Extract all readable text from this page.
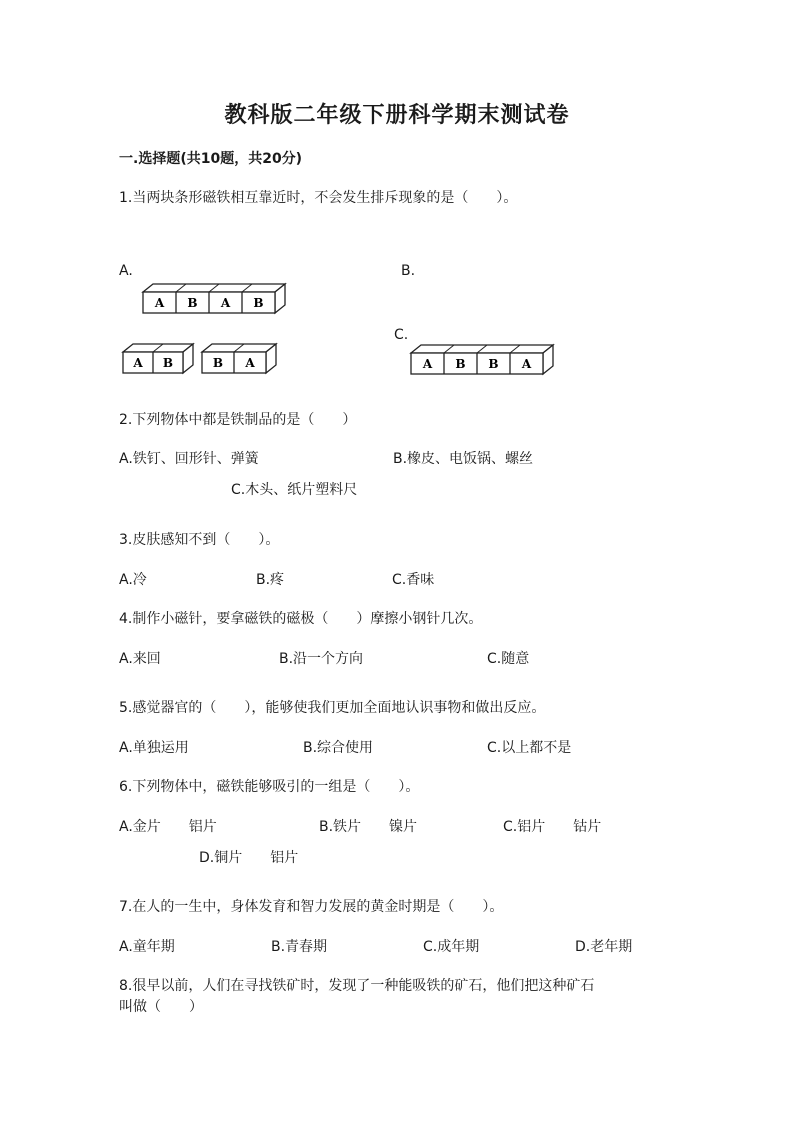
教科版二年级下册科学期末测试卷
一.选择题(共10题，共20分)
1.当两块条形磁铁相互靠近时，不会发生排斥现象的是（　　）。
A.	B.
C.
A B A B
A B	B A	A B B A
2.下列物体中都是铁制品的是（　　）
A.铁钉、回形针、弹簧	B.橡皮、电饭锅、螺丝
C.木头、纸片塑料尺
3.皮肤感知不到（　　）。
A.冷	B.疼	C.香味
4.制作小磁针，要拿磁铁的磁极（　　）摩擦小钢针几次。
A.来回	B.沿一个方向	C.随意
5.感觉器官的（　　），能够使我们更加全面地认识事物和做出反应。
A.单独运用	B.综合使用	C.以上都不是
6.下列物体中，磁铁能够吸引的一组是（　　）。
A.金片　　铝片	B.铁片　　镍片	C.铝片　　钴片
D.铜片　　铝片
7.在人的一生中，身体发育和智力发展的黄金时期是（　　）。
A.童年期	B.青春期	C.成年期	D.老年期
8.很早以前，人们在寻找铁矿时，发现了一种能吸铁的矿石，他们把这种矿石
叫做（　　）
